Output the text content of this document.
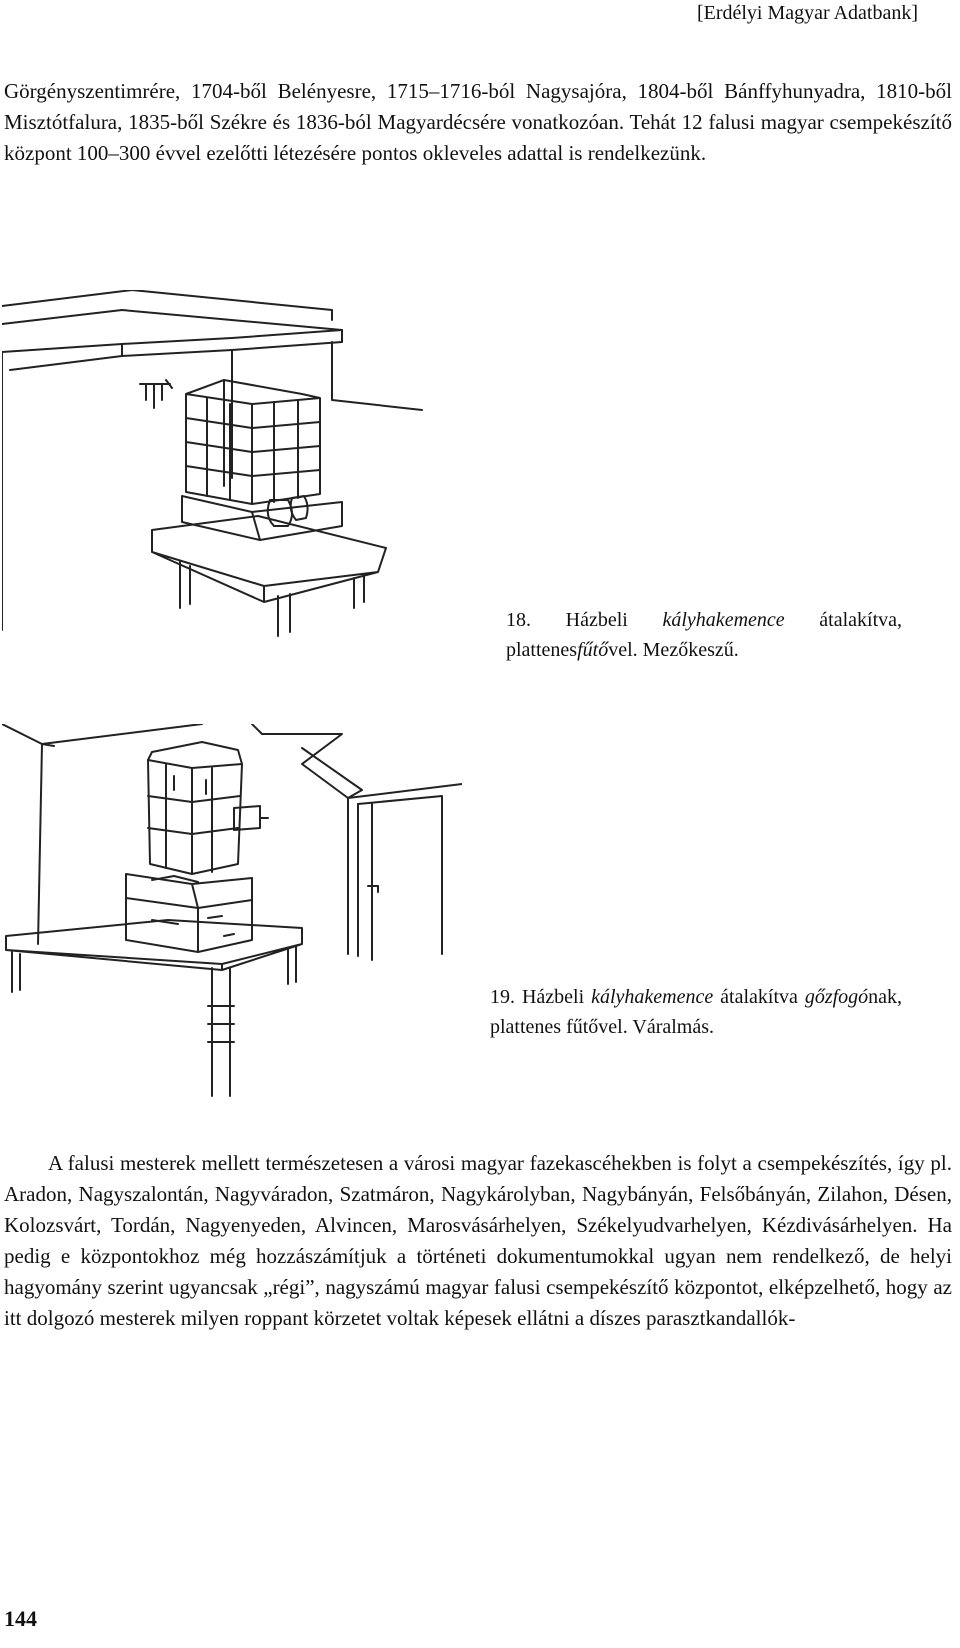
[Erdélyi Magyar Adatbank]

Görgényszentimrére, 1704-ből Belényesre, 1715–1716-ból Nagysajóra, 1804-ből Bánffyhunyadra, 1810-ből Misztótfalura, 1835-ből Székre és 1836-ból Magyardécsére vonatkozóan. Tehát 12 falusi magyar csempekészítő központ 100–300 évvel ezelőtti létezésére pontos okleveles adattal is rendelkezünk.

18. Házbeli kályhakemence átalakítva, plattenesfűtővel. Mezőkeszű.
19. Házbeli kályhakemence átalakítva gőzfogónak, plattenes fűtővel. Váralmás.

A falusi mesterek mellett természetesen a városi magyar fazekascéhekben is folyt a csempekészítés, így pl. Aradon, Nagyszalontán, Nagyváradon, Szatmáron, Nagykárolyban, Nagybányán, Felsőbányán, Zilahon, Désen, Kolozsvárt, Tordán, Nagyenyeden, Alvincen, Marosvásárhelyen, Székelyudvarhelyen, Kézdivásárhelyen. Ha pedig e központokhoz még hozzászámítjuk a történeti dokumentumokkal ugyan nem rendelkező, de helyi hagyomány szerint ugyancsak „régi”, nagyszámú magyar falusi csempekészítő központot, elképzelhető, hogy az itt dolgozó mesterek milyen roppant körzetet voltak képesek ellátni a díszes parasztkandallók-

144
